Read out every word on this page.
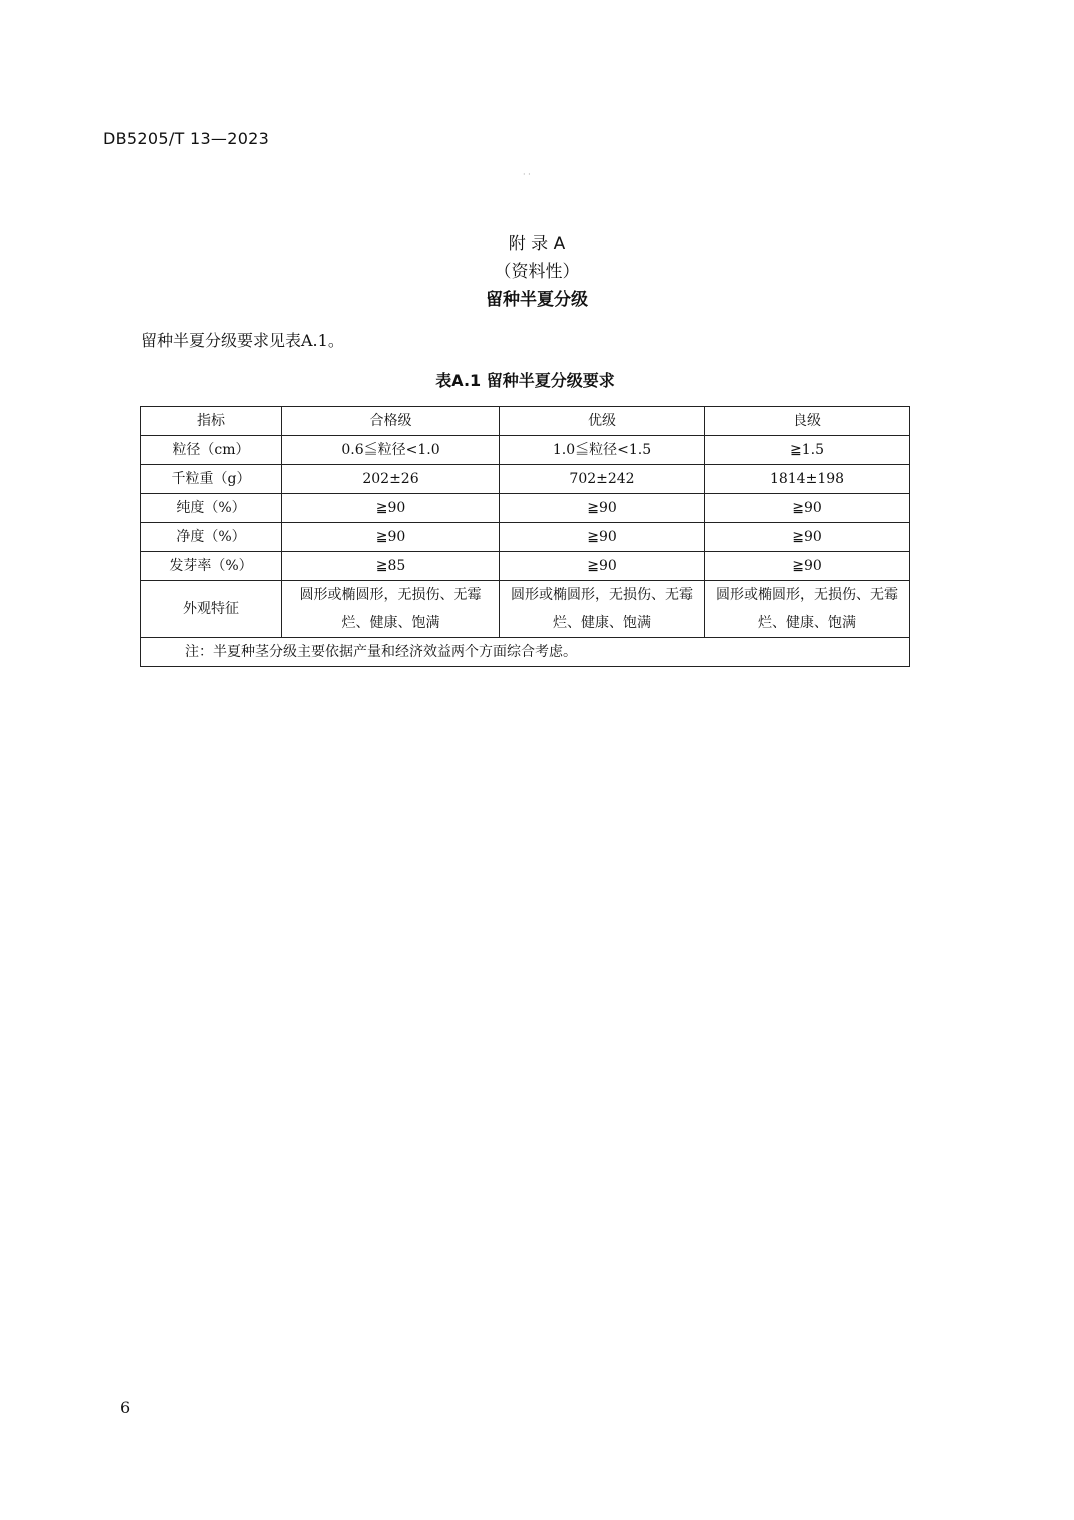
DB5205/T 13—2023
· ·
附 录 A
（资料性）
留种半夏分级
留种半夏分级要求见表A.1。
表A.1 留种半夏分级要求
指标	合格级	优级	良级
粒径（cm）	0.6≦粒径<1.0	1.0≦粒径<1.5	≧1.5
千粒重（g）	202±26	702±242	1814±198
纯度（%）	≧90	≧90	≧90
净度（%）	≧90	≧90	≧90
发芽率（%）	≧85	≧90	≧90
外观特征	圆形或椭圆形，无损伤、无霉烂、健康、饱满	圆形或椭圆形，无损伤、无霉烂、健康、饱满	圆形或椭圆形，无损伤、无霉烂、健康、饱满
注：半夏种茎分级主要依据产量和经济效益两个方面综合考虑。			
6
